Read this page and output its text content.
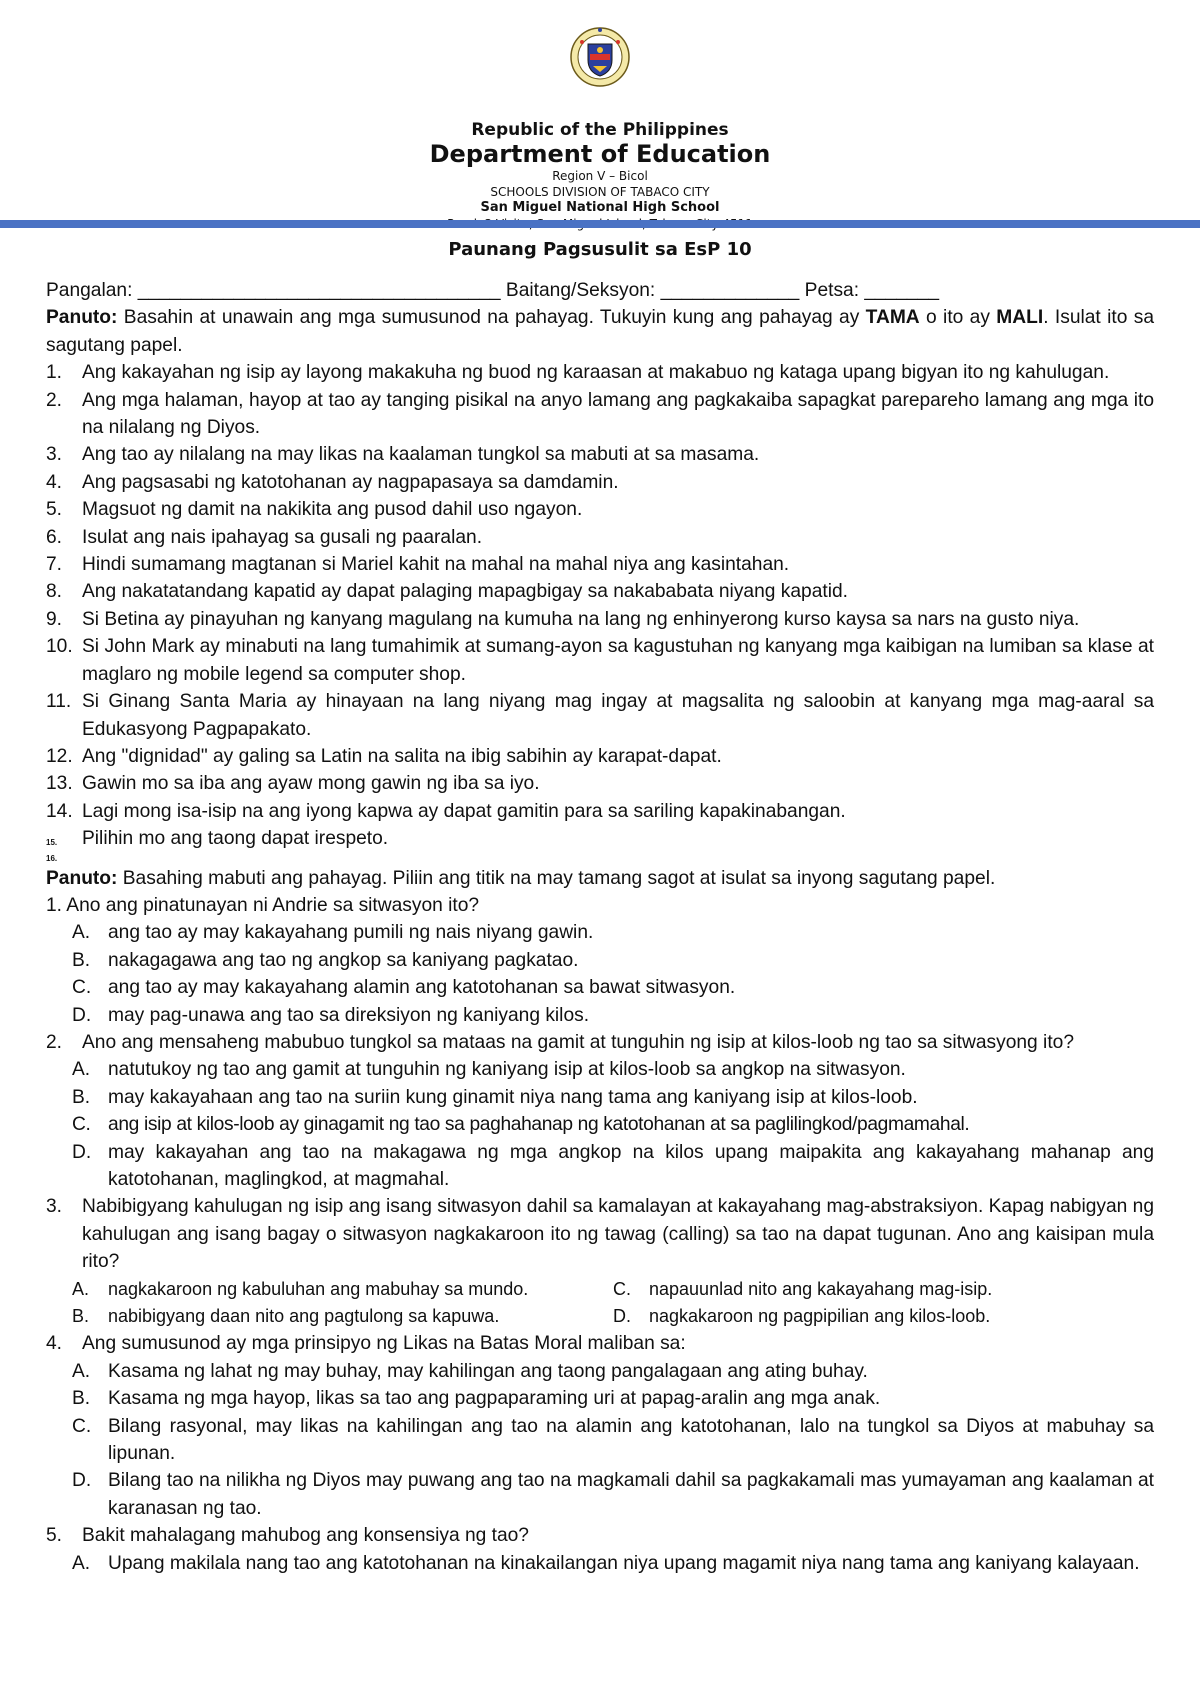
Republic of the Philippines
Department of Education
Region V – Bicol
SCHOOLS DIVISION OF TABACO CITY
San Miguel National High School
Paunang Pagsusulit sa EsP 10
Pangalan: __________________________________ Baitang/Seksyon: _____________ Petsa: _______
Panuto: Basahin at unawain ang mga sumusunod na pahayag. Tukuyin kung ang pahayag ay TAMA o ito ay MALI. Isulat ito sa sagutang papel.
1. Ang kakayahan ng isip ay layong makakuha ng buod ng karaasan at makabuo ng kataga upang bigyan ito ng kahulugan.
2. Ang mga halaman, hayop at tao ay tanging pisikal na anyo lamang ang pagkakaiba sapagkat parepareho lamang ang mga ito na nilalang ng Diyos.
3. Ang tao ay nilalang na may likas na kaalaman tungkol sa mabuti at sa masama.
4. Ang pagsasabi ng katotohanan ay nagpapasaya sa damdamin.
5. Magsuot ng damit na nakikita ang pusod dahil uso ngayon.
6. Isulat ang nais ipahayag sa gusali ng paaralan.
7. Hindi sumamang magtanan si Mariel kahit na mahal na mahal niya ang kasintahan.
8. Ang nakatatandang kapatid ay dapat palaging mapagbigay sa nakababata niyang kapatid.
9. Si Betina ay pinayuhan ng kanyang magulang na kumuha na lang ng enhinyerong kurso kaysa sa nars na gusto niya.
10. Si John Mark ay minabuti na lang tumahimik at sumang-ayon sa kagustuhan ng kanyang mga kaibigan na lumiban sa klase at maglaro ng mobile legend sa computer shop.
11. Si Ginang Santa Maria ay hinayaan na lang niyang mag ingay at magsalita ng saloobin at kanyang mga mag-aaral sa Edukasyong Pagpapakato.
12. Ang "dignidad" ay galing sa Latin na salita na ibig sabihin ay karapat-dapat.
13. Gawin mo sa iba ang ayaw mong gawin ng iba sa iyo.
14. Lagi mong isa-isip na ang iyong kapwa ay dapat gamitin para sa sariling kapakinabangan.
15. Pilihin mo ang taong dapat irespeto.
16.
Panuto: Basahing mabuti ang pahayag. Piliin ang titik na may tamang sagot at isulat sa inyong sagutang papel.
1. Ano ang pinatunayan ni Andrie sa sitwasyon ito?
A. ang tao ay may kakayahang pumili ng nais niyang gawin.
B. nakagagawa ang tao ng angkop sa kaniyang pagkatao.
C. ang tao ay may kakayahang alamin ang katotohanan sa bawat sitwasyon.
D. may pag-unawa ang tao sa direksiyon ng kaniyang kilos.
2. Ano ang mensaheng mabubuo tungkol sa mataas na gamit at tunguhin ng isip at kilos-loob ng tao sa sitwasyong ito?
A. natutukoy ng tao ang gamit at tunguhin ng kaniyang isip at kilos-loob sa angkop na sitwasyon.
B. may kakayahaan ang tao na suriin kung ginamit niya nang tama ang kaniyang isip at kilos-loob.
C. ang isip at kilos-loob ay ginagamit ng tao sa paghahanap ng katotohanan at sa paglilingkod/pagmamahal.
D. may kakayahan ang tao na makagawa ng mga angkop na kilos upang maipakita ang kakayahang mahanap ang katotohanan, maglingkod, at magmahal.
3. Nabibigyang kahulugan ng isip ang isang sitwasyon dahil sa kamalayan at kakayahang mag-abstraksiyon. Kapag nabigyan ng kahulugan ang isang bagay o sitwasyon nagkakaroon ito ng tawag (calling) sa tao na dapat tugunan. Ano ang kaisipan mula rito?
A. nagkakaroon ng kabuluhan ang mabuhay sa mundo.
B. nabibigyang daan nito ang pagtulong sa kapuwa.
C. napauunlad nito ang kakayahang mag-isip.
D. nagkakaroon ng pagpipilian ang kilos-loob.
4. Ang sumusunod ay mga prinsipyo ng Likas na Batas Moral maliban sa:
A. Kasama ng lahat ng may buhay, may kahilingan ang taong pangalagaan ang ating buhay.
B. Kasama ng mga hayop, likas sa tao ang pagpaparaming uri at papag-aralin ang mga anak.
C. Bilang rasyonal, may likas na kahilingan ang tao na alamin ang katotohanan, lalo na tungkol sa Diyos at mabuhay sa lipunan.
D. Bilang tao na nilikha ng Diyos may puwang ang tao na magkamali dahil sa pagkakamali mas yumayaman ang kaalaman at karanasan ng tao.
5. Bakit mahalagang mahubog ang konsensiya ng tao?
A. Upang makilala nang tao ang katotohanan na kinakailangan niya upang magamit niya nang tama ang kaniyang kalayaan.
